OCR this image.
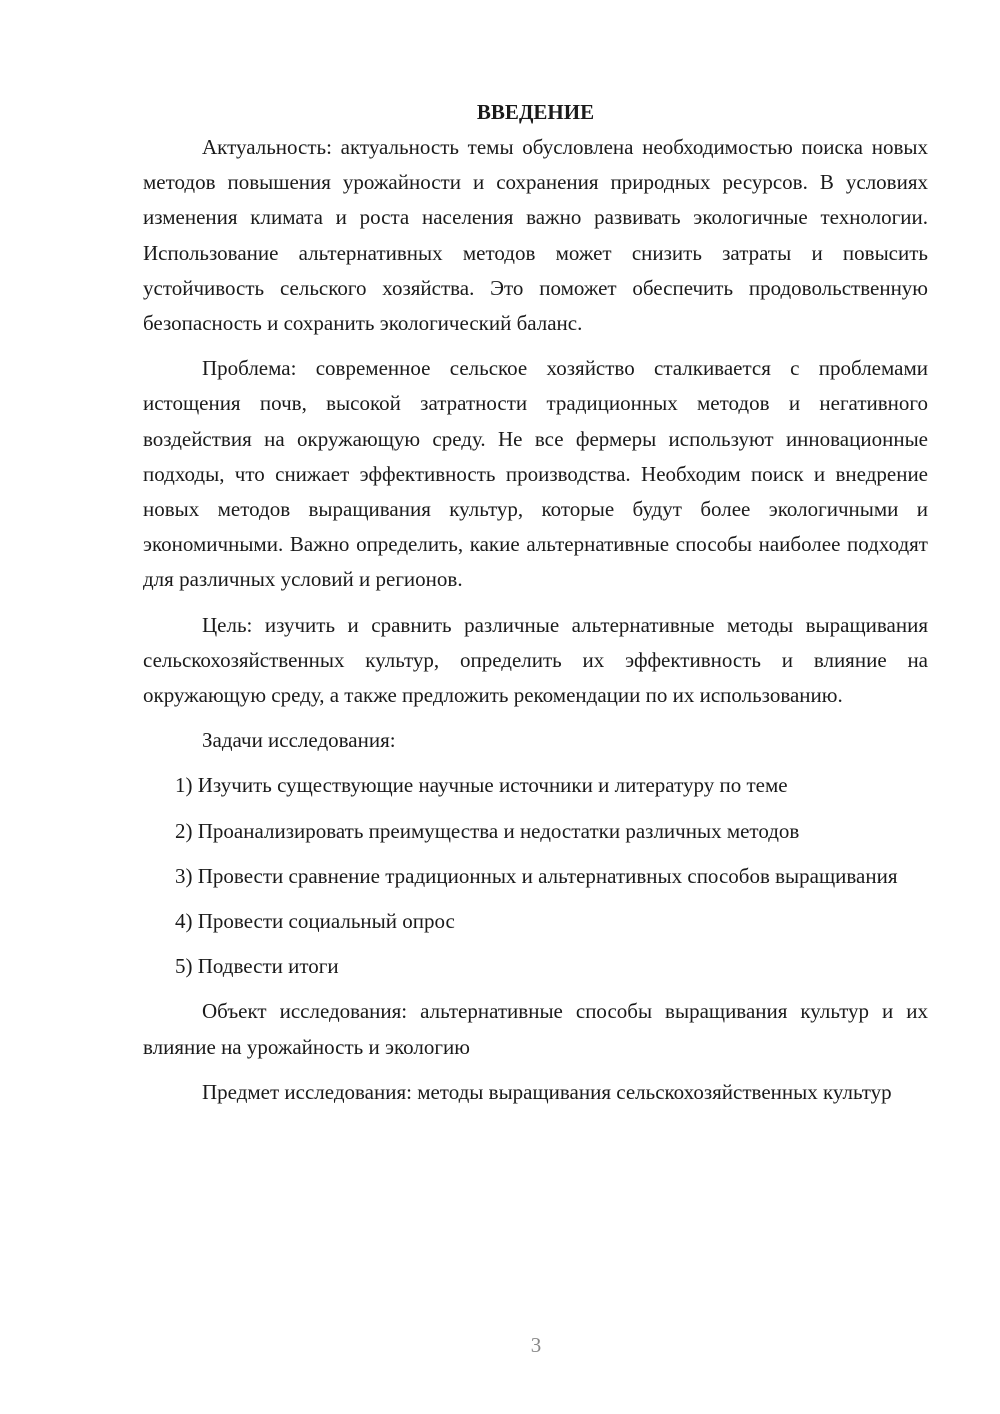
ВВЕДЕНИЕ

Актуальность: актуальность темы обусловлена необходимостью поиска новых методов повышения урожайности и сохранения природных ресурсов. В условиях изменения климата и роста населения важно развивать экологичные технологии. Использование альтернативных методов может снизить затраты и повысить устойчивость сельского хозяйства. Это поможет обеспечить продовольственную безопасность и сохранить экологический баланс.

Проблема: современное сельское хозяйство сталкивается с проблемами истощения почв, высокой затратности традиционных методов и негативного воздействия на окружающую среду. Не все фермеры используют инновационные подходы, что снижает эффективность производства. Необходим поиск и внедрение новых методов выращивания культур, которые будут более экологичными и экономичными. Важно определить, какие альтернативные способы наиболее подходят для различных условий и регионов.

Цель: изучить и сравнить различные альтернативные методы выращивания сельскохозяйственных культур, определить их эффективность и влияние на окружающую среду, а также предложить рекомендации по их использованию.

Задачи исследования:

1) Изучить существующие научные источники и литературу по теме

2) Проанализировать преимущества и недостатки различных методов

3) Провести сравнение традиционных и альтернативных способов выращивания

4) Провести социальный опрос

5) Подвести итоги

Объект исследования: альтернативные способы выращивания культур и их влияние на урожайность и экологию

Предмет исследования: методы выращивания сельскохозяйственных культур

3
